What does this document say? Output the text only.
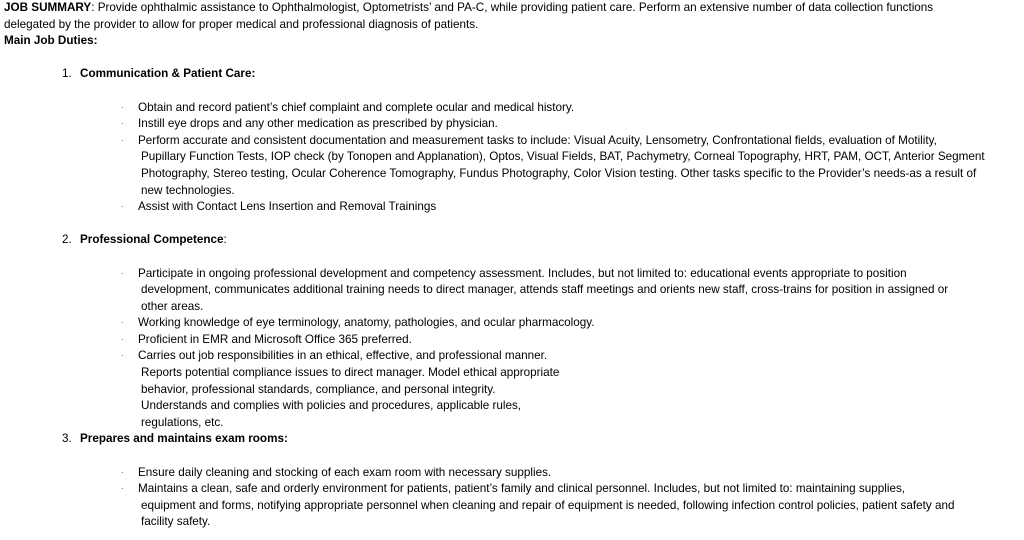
JOB SUMMARY: Provide ophthalmic assistance to Ophthalmologist, Optometrists’ and PA-C, while providing patient care. Perform an extensive number of data collection functions
delegated by the provider to allow for proper medical and professional diagnosis of patients.

Main Job Duties:

1. Communication & Patient Care:

· Obtain and record patient’s chief complaint and complete ocular and medical history.
· Instill eye drops and any other medication as prescribed by physician.
· Perform accurate and consistent documentation and measurement tasks to include: Visual Acuity, Lensometry, Confrontational fields, evaluation of Motility,
Pupillary Function Tests, IOP check (by Tonopen and Applanation), Optos, Visual Fields, BAT, Pachymetry, Corneal Topography, HRT, PAM, OCT, Anterior Segment
Photography, Stereo testing, Ocular Coherence Tomography, Fundus Photography, Color Vision testing. Other tasks specific to the Provider’s needs-as a result of
new technologies.
· Assist with Contact Lens Insertion and Removal Trainings

2. Professional Competence:

· Participate in ongoing professional development and competency assessment. Includes, but not limited to: educational events appropriate to position
development, communicates additional training needs to direct manager, attends staff meetings and orients new staff, cross-trains for position in assigned or
other areas.
· Working knowledge of eye terminology, anatomy, pathologies, and ocular pharmacology.
· Proficient in EMR and Microsoft Office 365 preferred.
· Carries out job responsibilities in an ethical, effective, and professional manner.

Reports potential compliance issues to direct manager. Model ethical appropriate

behavior, professional standards, compliance, and personal integrity.

Understands and complies with policies and procedures, applicable rules,

regulations, etc.

3. Prepares and maintains exam rooms:

· Ensure daily cleaning and stocking of each exam room with necessary supplies.
· Maintains a clean, safe and orderly environment for patients, patient’s family and clinical personnel. Includes, but not limited to: maintaining supplies,
equipment and forms, notifying appropriate personnel when cleaning and repair of equipment is needed, following infection control policies, patient safety and
facility safety.
